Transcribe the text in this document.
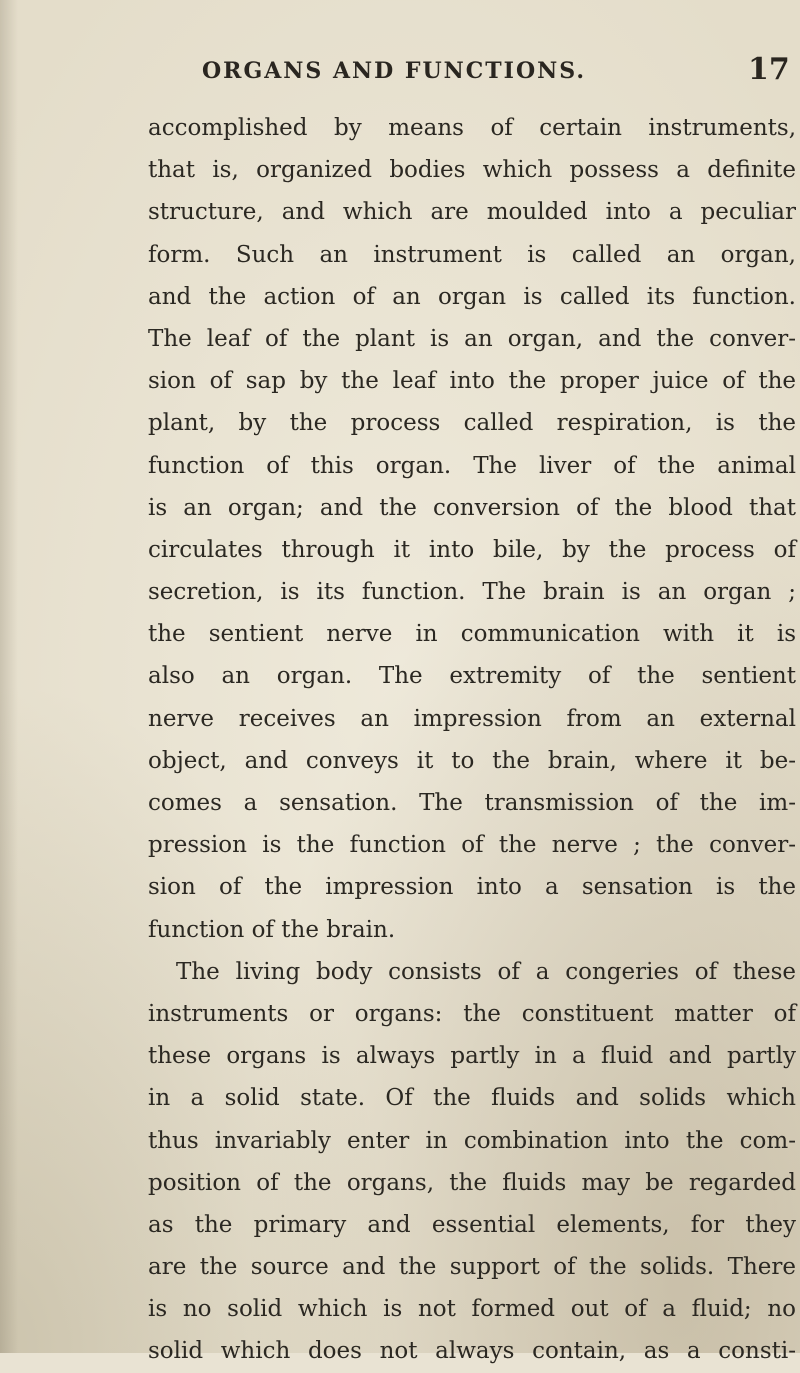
ORGANS AND FUNCTIONS.	17
accomplished by means of certain instruments,
that is, organized bodies which possess a definite
structure, and which are moulded into a peculiar
form. Such an instrument is called an organ,
and the action of an organ is called its function.
The leaf of the plant is an organ, and the conver-
sion of sap by the leaf into the proper juice of the
plant, by the process called respiration, is the
function of this organ. The liver of the animal
is an organ; and the conversion of the blood that
circulates through it into bile, by the process of
secretion, is its function. The brain is an organ ;
the sentient nerve in communication with it is
also an organ. The extremity of the sentient
nerve receives an impression from an external
object, and conveys it to the brain, where it be-
comes a sensation. The transmission of the im-
pression is the function of the nerve ; the conver-
sion of the impression into a sensation is the
function of the brain.
The living body consists of a congeries of these
instruments or organs: the constituent matter of
these organs is always partly in a fluid and partly
in a solid state. Of the fluids and solids which
thus invariably enter in combination into the com-
position of the organs, the fluids may be regarded
as the primary and essential elements, for they
are the source and the support of the solids. There
is no solid which is not formed out of a fluid; no
solid which does not always contain, as a consti-
